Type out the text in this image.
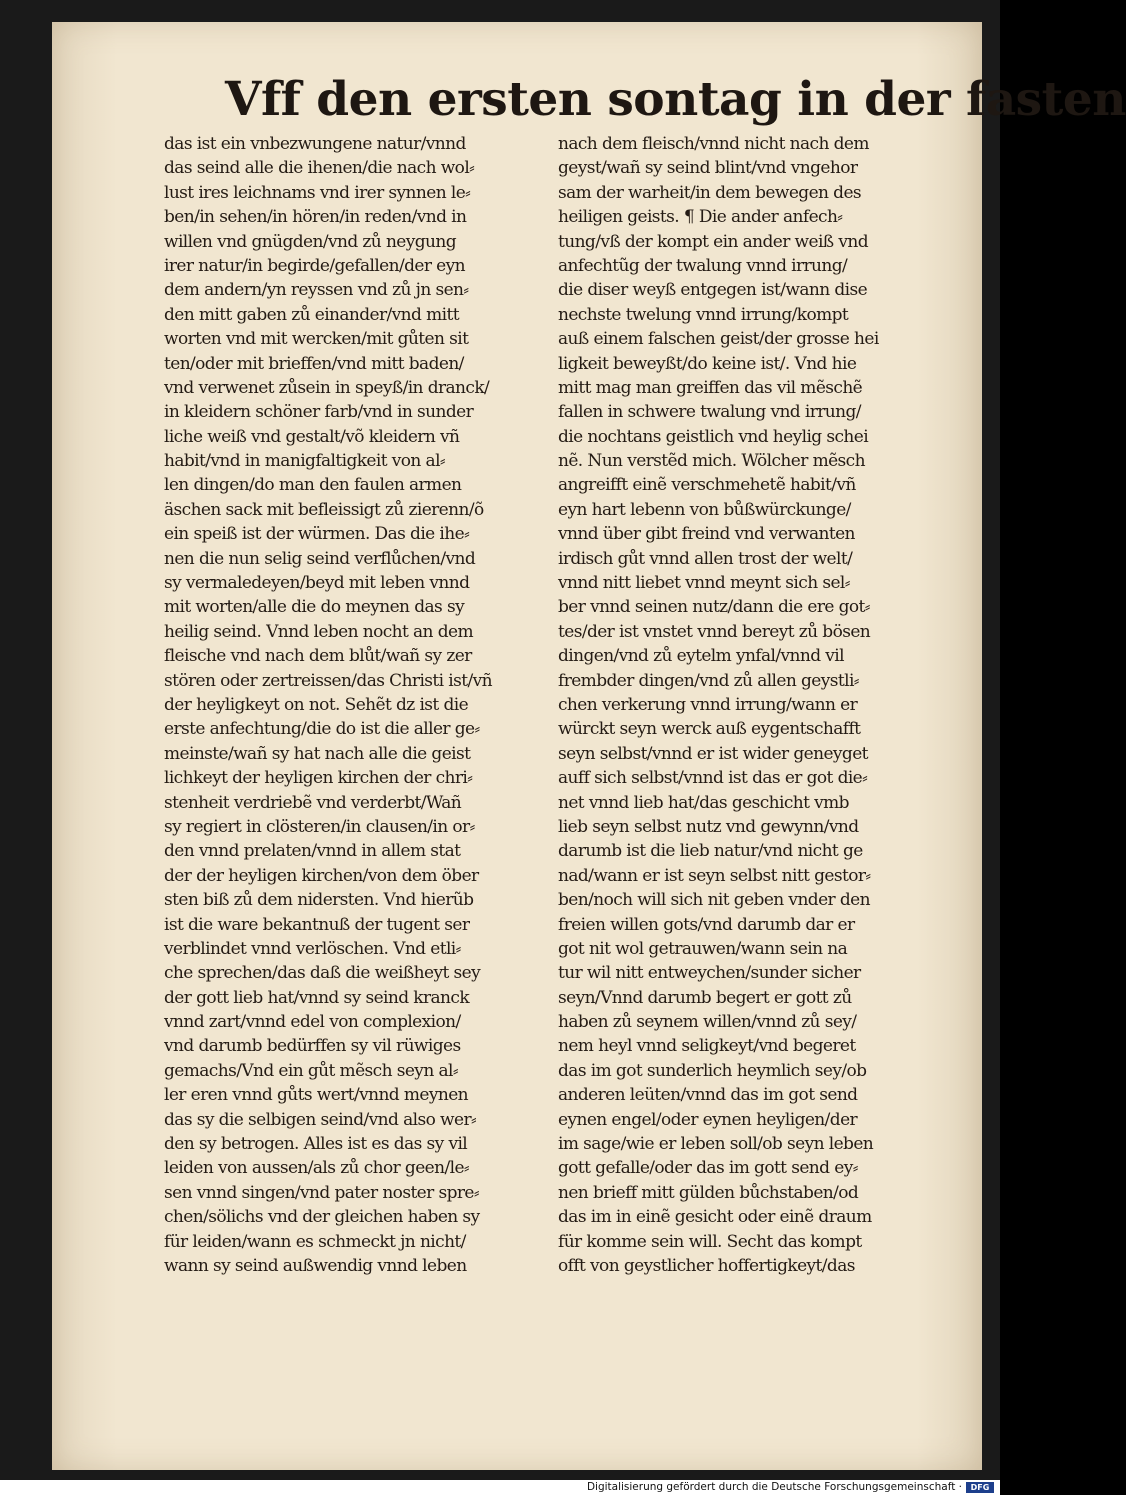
Vff den ersten sontag in der fasten
das ist ein vnbezwungene natur/vnnd
das seind alle die ihenen/die nach wol⸗
lust ires leichnams vnd irer synnen le⸗
ben/in sehen/in hören/in reden/vnd in
willen vnd gnügden/vnd zů neygung
irer natur/in begirde/gefallen/der eyn
dem andern/yn reyssen vnd zů jn sen⸗
den mitt gaben zů einander/vnd mitt
worten vnd mit wercken/mit gůten sit
ten/oder mit brieffen/vnd mitt baden/
vnd verwenet zůsein in speyß/in dranck/
in kleidern schöner farb/vnd in sunder
liche weiß vnd gestalt/võ kleidern vñ
habit/vnd in manigfaltigkeit von al⸗
len dingen/do man den faulen armen
äschen sack mit befleissigt zů zierenn/õ
ein speiß ist der würmen. Das die ihe⸗
nen die nun selig seind verflůchen/vnd
sy vermaledeyen/beyd mit leben vnnd
mit worten/alle die do meynen das sy
heilig seind. Vnnd leben nocht an dem
fleische vnd nach dem blůt/wañ sy zer
stören oder zertreissen/das Christi ist/vñ
der heyligkeyt on not. Sehẽt dz ist die
erste anfechtung/die do ist die aller ge⸗
meinste/wañ sy hat nach alle die geist
lichkeyt der heyligen kirchen der chri⸗
stenheit verdriebẽ vnd verderbt/Wañ
sy regiert in clösteren/in clausen/in or⸗
den vnnd prelaten/vnnd in allem stat
der der heyligen kirchen/von dem öber
sten biß zů dem nidersten. Vnd hierũb
ist die ware bekantnuß der tugent ser
verblindet vnnd verlöschen. Vnd etli⸗
che sprechen/das daß die weißheyt sey
der gott lieb hat/vnnd sy seind kranck
vnnd zart/vnnd edel von complexion/
vnd darumb bedürffen sy vil rüwiges
gemachs/Vnd ein gůt mẽsch seyn al⸗
ler eren vnnd gůts wert/vnnd meynen
das sy die selbigen seind/vnd also wer⸗
den sy betrogen. Alles ist es das sy vil
leiden von aussen/als zů chor geen/le⸗
sen vnnd singen/vnd pater noster spre⸗
chen/sölichs vnd der gleichen haben sy
für leiden/wann es schmeckt jn nicht/
wann sy seind außwendig vnnd leben
nach dem fleisch/vnnd nicht nach dem
geyst/wañ sy seind blint/vnd vngehor
sam der warheit/in dem bewegen des
heiligen geists. ¶ Die ander anfech⸗
tung/vß der kompt ein ander weiß vnd
anfechtũg der twalung vnnd irrung/
die diser weyß entgegen ist/wann dise
nechste twelung vnnd irrung/kompt
auß einem falschen geist/der grosse hei
ligkeit beweyßt/do keine ist/. Vnd hie
mitt mag man greiffen das vil mẽschẽ
fallen in schwere twalung vnd irrung/
die nochtans geistlich vnd heylig schei
nẽ. Nun verstẽd mich. Wölcher mẽsch
angreifft einẽ verschmehetẽ habit/vñ
eyn hart lebenn von bůßwürckunge/
vnnd über gibt freind vnd verwanten
irdisch gůt vnnd allen trost der welt/
vnnd nitt liebet vnnd meynt sich sel⸗
ber vnnd seinen nutz/dann die ere got⸗
tes/der ist vnstet vnnd bereyt zů bösen
dingen/vnd zů eytelm ynfal/vnnd vil
frembder dingen/vnd zů allen geystli⸗
chen verkerung vnnd irrung/wann er
würckt seyn werck auß eygentschafft
seyn selbst/vnnd er ist wider geneyget
auff sich selbst/vnnd ist das er got die⸗
net vnnd lieb hat/das geschicht vmb
lieb seyn selbst nutz vnd gewynn/vnd
darumb ist die lieb natur/vnd nicht ge
nad/wann er ist seyn selbst nitt gestor⸗
ben/noch will sich nit geben vnder den
freien willen gots/vnd darumb dar er
got nit wol getrauwen/wann sein na
tur wil nitt entweychen/sunder sicher
seyn/Vnnd darumb begert er gott zů
haben zů seynem willen/vnnd zů sey/
nem heyl vnnd seligkeyt/vnd begeret
das im got sunderlich heymlich sey/ob
anderen leüten/vnnd das im got send
eynen engel/oder eynen heyligen/der
im sage/wie er leben soll/ob seyn leben
gott gefalle/oder das im gott send ey⸗
nen brieff mitt gülden bůchstaben/od
das im in einẽ gesicht oder einẽ draum
für komme sein will. Secht das kompt
offt von geystlicher hoffertigkeyt/das
Digitalisierung gefördert durch die Deutsche Forschungsgemeinschaft ·	DFG
